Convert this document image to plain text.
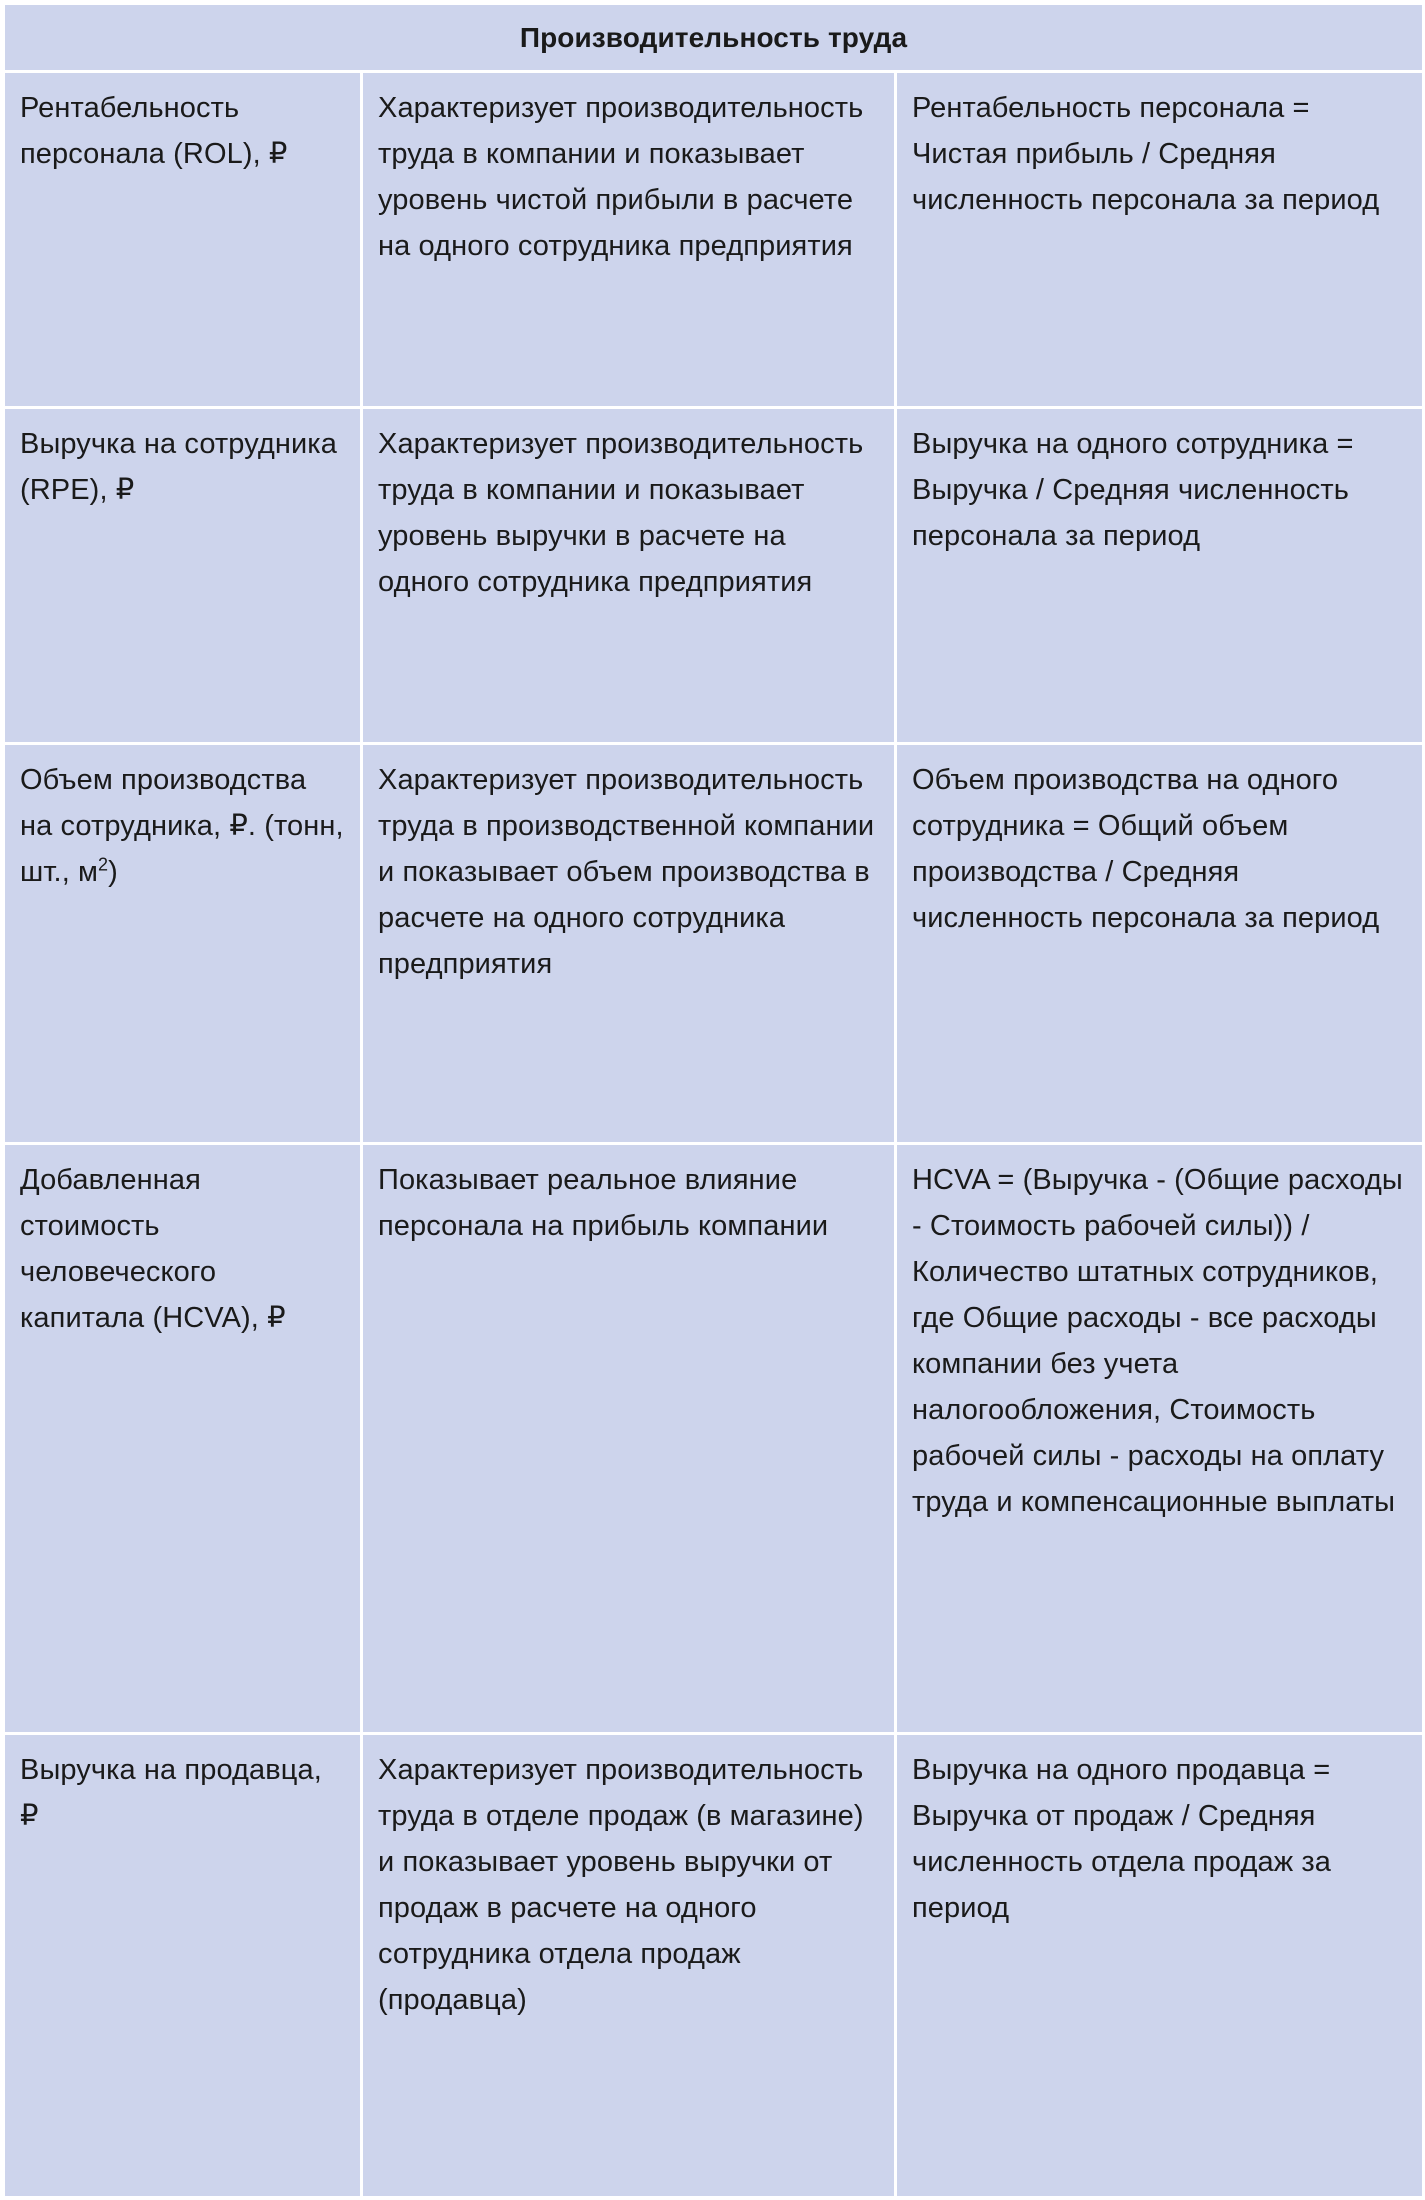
Производительность труда		
Рентабельность персонала (ROL), ₽	Характеризует производительность труда в компании и показывает уровень чистой прибыли в расчете на одного сотрудника предприятия	Рентабельность персонала = Чистая прибыль / Средняя численность персонала за период
Выручка на сотрудника (RPE), ₽	Характеризует производительность труда в компании и показывает уровень выручки в расчете на одного сотрудника предприятия	Выручка на одного сотрудника = Выручка / Средняя численность персонала за период
Объем производства на сотрудника, ₽. (тонн, шт., $м^2$)	Характеризует производительность труда в производственной компании и показывает объем производства в расчете на одного сотрудника предприятия	Объем производства на одного сотрудника = Общий объем производства / Средняя численность персонала за период
Добавленная стоимость человеческого капитала (HCVA), ₽	Показывает реальное влияние персонала на прибыль компании	HCVA = (Выручка - (Общие расходы - Стоимость рабочей силы)) / Количество штатных сотрудников, где Общие расходы - все расходы компании без учета налогообложения, Стоимость рабочей силы - расходы на оплату труда и компенсационные выплаты
Выручка на продавца, ₽	Характеризует производительность труда в отделе продаж (в магазине) и показывает уровень выручки от продаж в расчете на одного сотрудника отдела продаж (продавца)	Выручка на одного продавца = Выручка от продаж / Средняя численность отдела продаж за период
